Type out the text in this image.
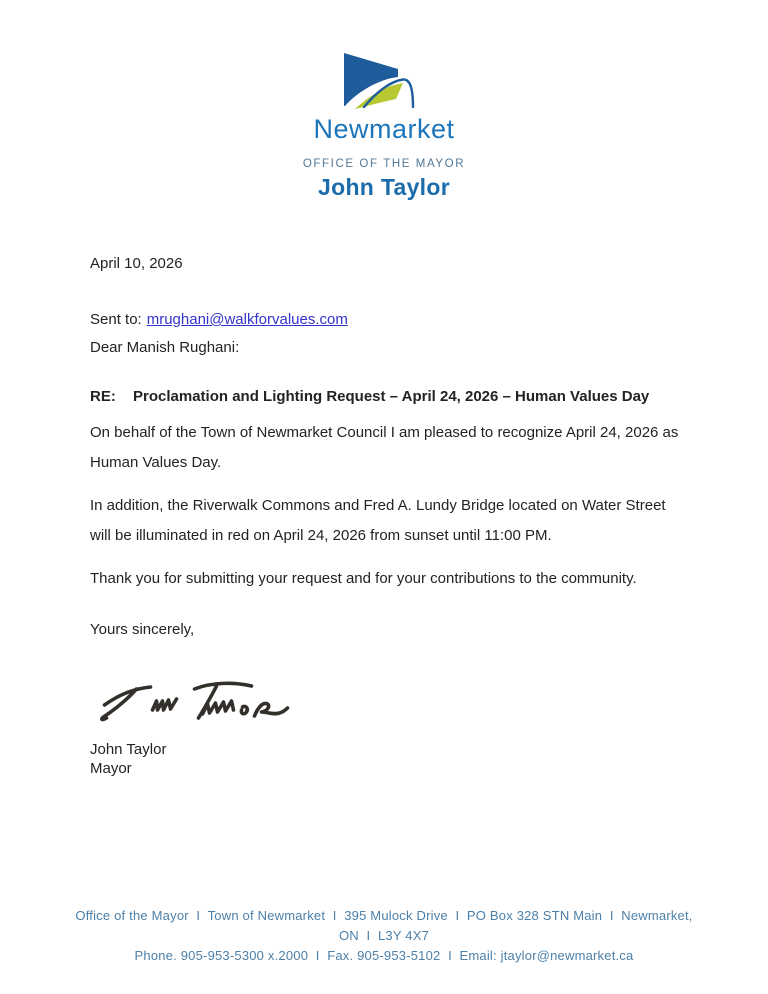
Newmarket
OFFICE OF THE MAYOR
John Taylor
April 10, 2026
Sent to: mrughani@walkforvalues.com
Dear Manish Rughani:
RE: Proclamation and Lighting Request – April 24, 2026 – Human Values Day
On behalf of the Town of Newmarket Council I am pleased to recognize April 24, 2026 as
Human Values Day.
In addition, the Riverwalk Commons and Fred A. Lundy Bridge located on Water Street
will be illuminated in red on April 24, 2026 from sunset until 11:00 PM.
Thank you for submitting your request and for your contributions to the community.
Yours sincerely,
John Taylor
Mayor
Office of the Mayor  I  Town of Newmarket  I  395 Mulock Drive  I  PO Box 328 STN Main  I  Newmarket,
ON  I  L3Y 4X7
Phone. 905-953-5300 x.2000  I  Fax. 905-953-5102  I  Email: jtaylor@newmarket.ca
